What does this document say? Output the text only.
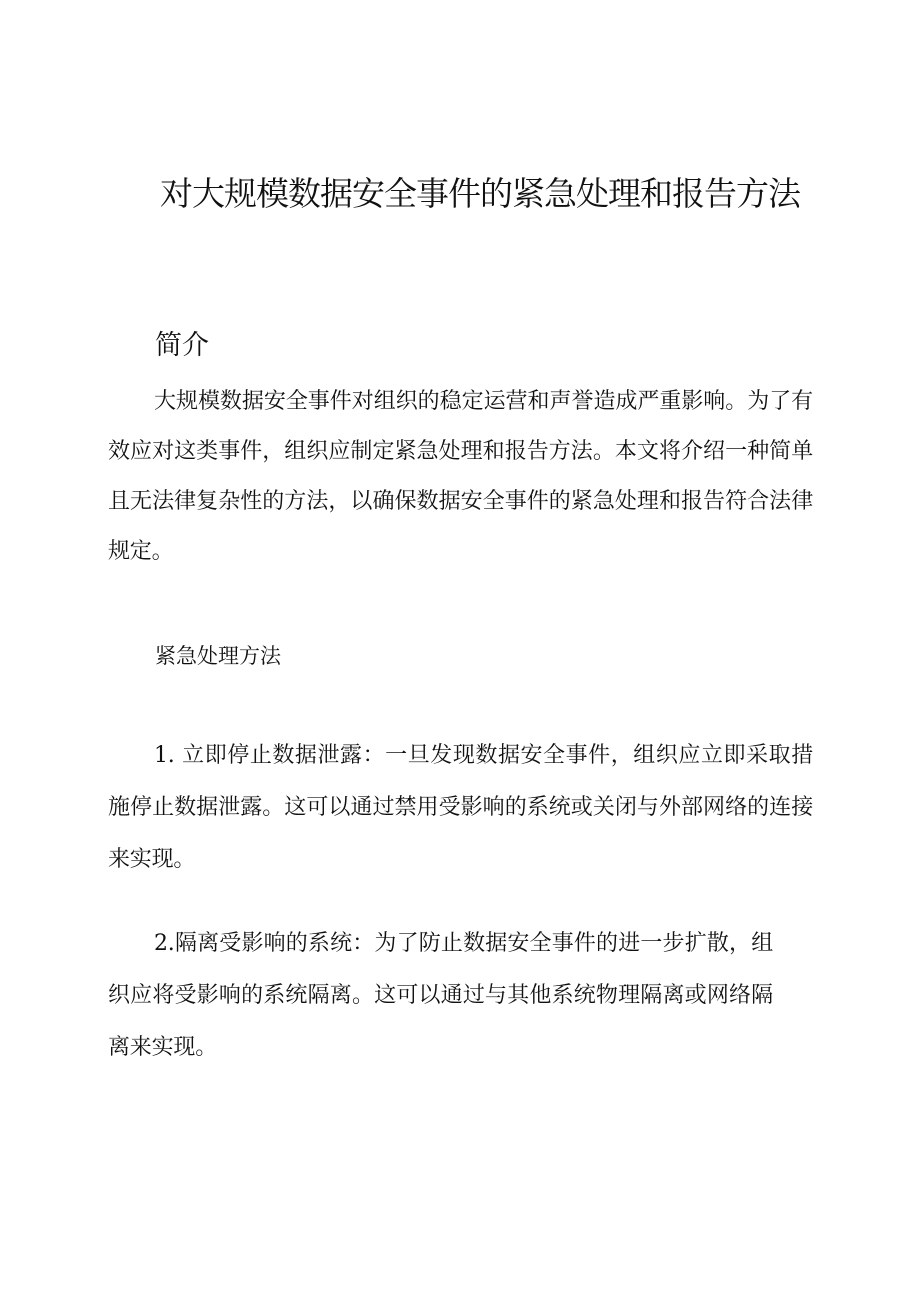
对大规模数据安全事件的紧急处理和报告方法
简介

大规模数据安全事件对组织的稳定运营和声誉造成严重影响。为了有效应对这类事件，组织应制定紧急处理和报告方法。本文将介绍一种简单且无法律复杂性的方法，以确保数据安全事件的紧急处理和报告符合法律规定。

紧急处理方法

1. 立即停止数据泄露：一旦发现数据安全事件，组织应立即采取措施停止数据泄露。这可以通过禁用受影响的系统或关闭与外部网络的连接来实现。

2.隔离受影响的系统：为了防止数据安全事件的进一步扩散，组织应将受影响的系统隔离。这可以通过与其他系统物理隔离或网络隔离来实现。
